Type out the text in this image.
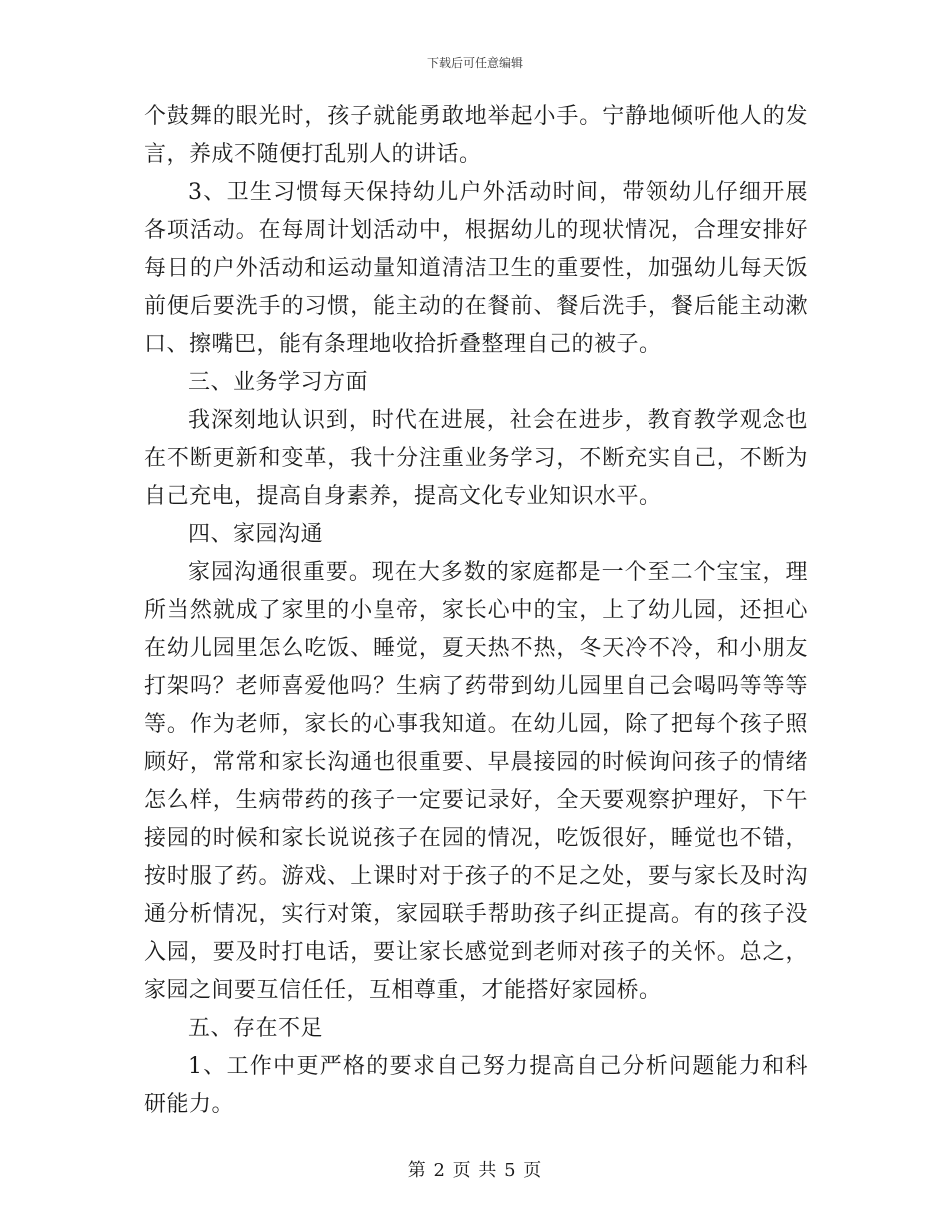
下载后可任意编辑

个鼓舞的眼光时，孩子就能勇敢地举起小手。宁静地倾听他人的发言，养成不随便打乱别人的讲话。

3、卫生习惯每天保持幼儿户外活动时间，带领幼儿仔细开展各项活动。在每周计划活动中，根据幼儿的现状情况，合理安排好每日的户外活动和运动量知道清洁卫生的重要性，加强幼儿每天饭前便后要洗手的习惯，能主动的在餐前、餐后洗手，餐后能主动漱口、擦嘴巴，能有条理地收拾折叠整理自己的被子。

三、业务学习方面

我深刻地认识到，时代在进展，社会在进步，教育教学观念也在不断更新和变革，我十分注重业务学习，不断充实自己，不断为自己充电，提高自身素养，提高文化专业知识水平。

四、家园沟通

家园沟通很重要。现在大多数的家庭都是一个至二个宝宝，理所当然就成了家里的小皇帝，家长心中的宝，上了幼儿园，还担心在幼儿园里怎么吃饭、睡觉，夏天热不热，冬天冷不冷，和小朋友打架吗？老师喜爱他吗？生病了药带到幼儿园里自己会喝吗等等等等。作为老师，家长的心事我知道。在幼儿园，除了把每个孩子照顾好，常常和家长沟通也很重要、早晨接园的时候询问孩子的情绪怎么样，生病带药的孩子一定要记录好，全天要观察护理好，下午接园的时候和家长说说孩子在园的情况，吃饭很好，睡觉也不错，按时服了药。游戏、上课时对于孩子的不足之处，要与家长及时沟通分析情况，实行对策，家园联手帮助孩子纠正提高。有的孩子没入园，要及时打电话，要让家长感觉到老师对孩子的关怀。总之，家园之间要互信任任，互相尊重，才能搭好家园桥。

五、存在不足

1、工作中更严格的要求自己努力提高自己分析问题能力和科研能力。

第 2 页 共 5 页
